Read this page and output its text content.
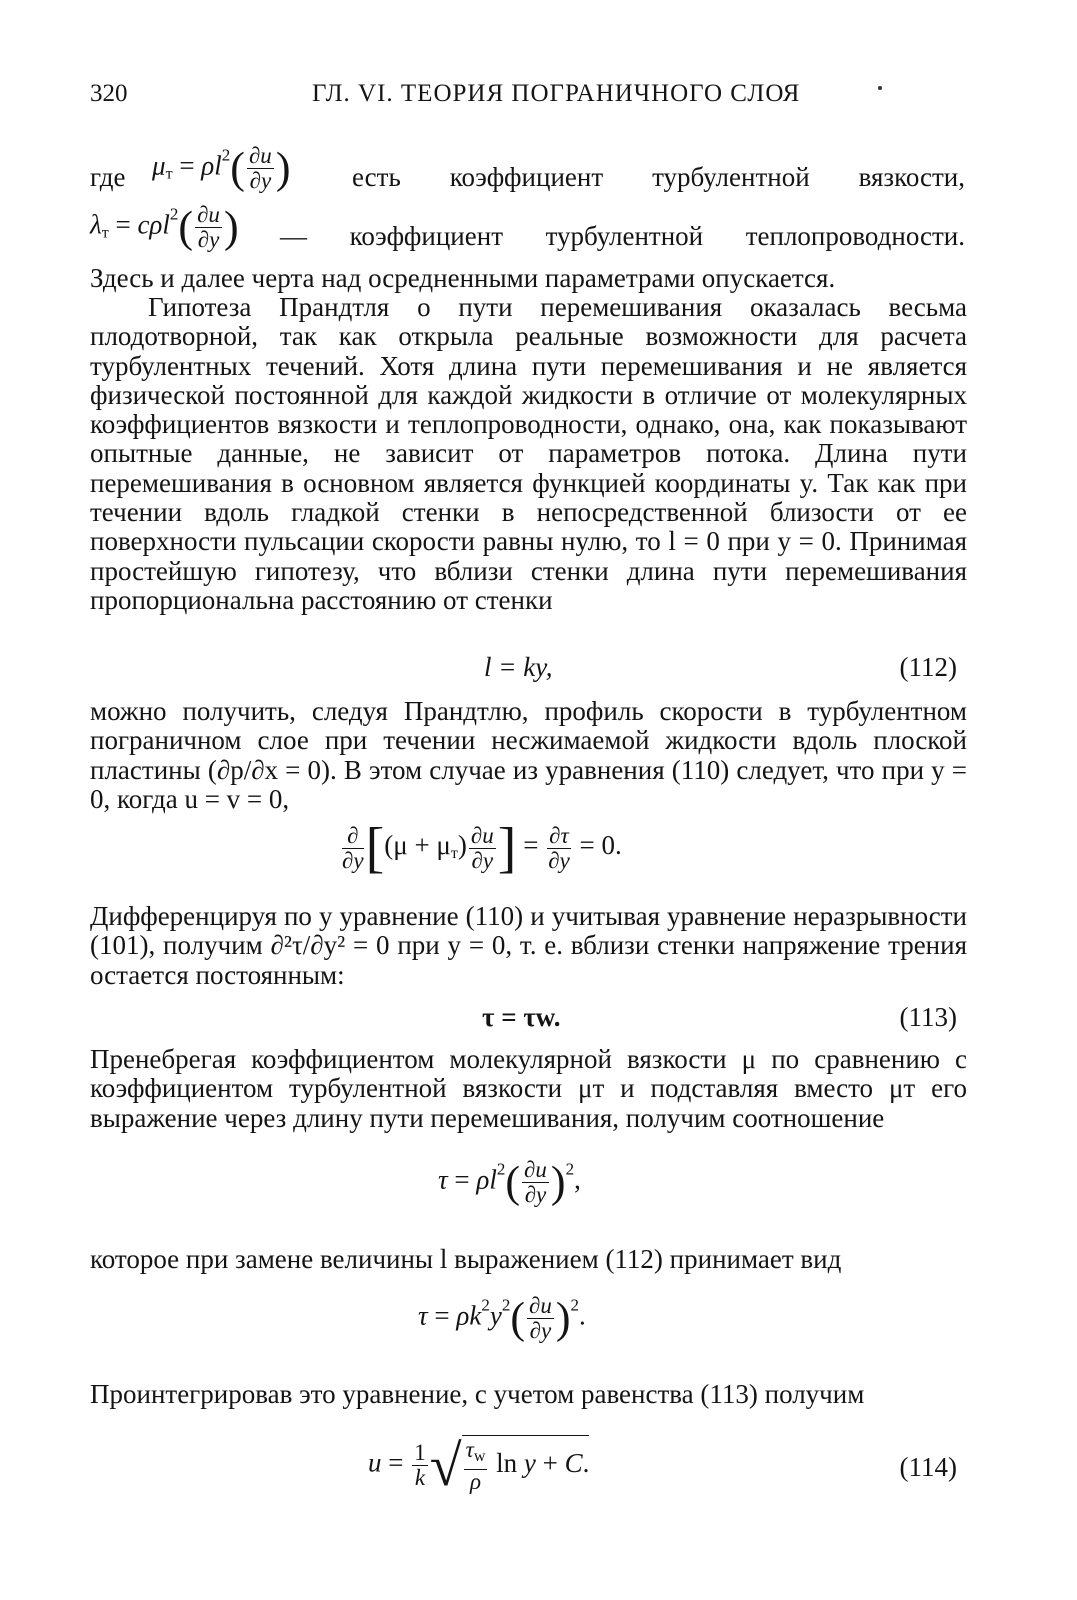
320	ГЛ. VI. ТЕОРИЯ ПОГРАНИЧНОГО СЛОЯ
где $\mu_т = \rho l^2( \frac{\partial u}{\partial y}$ ) есть коэффициент турбулентной вязкости,
$\lambda_т = c\rho l^2( \frac{\partial u}{\partial y}$ ) — коэффициент турбулентной теплопроводности.

Здесь и далее черта над осредненными параметрами опускается.

Гипотеза Прандтля о пути перемешивания оказалась весьма плодотворной, так как открыла реальные возможности для расчета турбулентных течений. Хотя длина пути перемешивания и не является физической постоянной для каждой жидкости в отличие от молекулярных коэффициентов вязкости и теплопроводности, однако, она, как показывают опытные данные, не зависит от параметров потока. Длина пути перемешивания в основном является функцией координаты y. Так как при течении вдоль гладкой стенки в непосредственной близости от ее поверхности пульсации скорости равны нулю, то l = 0 при y = 0. Принимая простейшую гипотезу, что вблизи стенки длина пути перемешивания пропорциональна расстоянию от стенки

l = ky,	(112)

можно получить, следуя Прандтлю, профиль скорости в турбулентном пограничном слое при течении несжимаемой жидкости вдоль плоской пластины (∂p/∂x = 0). В этом случае из уравнения (110) следует, что при y = 0, когда u = v = 0,

$\frac{\partial}{\partial y} [(\mu + \mu_т) \frac{\partial u}{\partial y}$ ] = $\frac{\partial\tau}{\partial y} = 0$.

Дифференцируя по y уравнение (110) и учитывая уравнение неразрывности (101), получим ∂²τ/∂y² = 0 при y = 0, т. е. вблизи стенки напряжение трения остается постоянным:

τ = τw.	(113)

Пренебрегая коэффициентом молекулярной вязкости μ по сравнению с коэффициентом турбулентной вязкости μт и подставляя вместо μт его выражение через длину пути перемешивания, получим соотношение

$\tau = \rho l^2( \frac{\partial u}{\partial y} )^2$,

которое при замене величины l выражением (112) принимает вид

$\tau = \rho k^2y^2( \frac{\partial u}{\partial y} )^2$.

Проинтегрировав это уравнение, с учетом равенства (113) получим

$u = \frac{1}{k}$ √ $\frac{\tau_w}{\rho}$ ln y + C.	(114)
